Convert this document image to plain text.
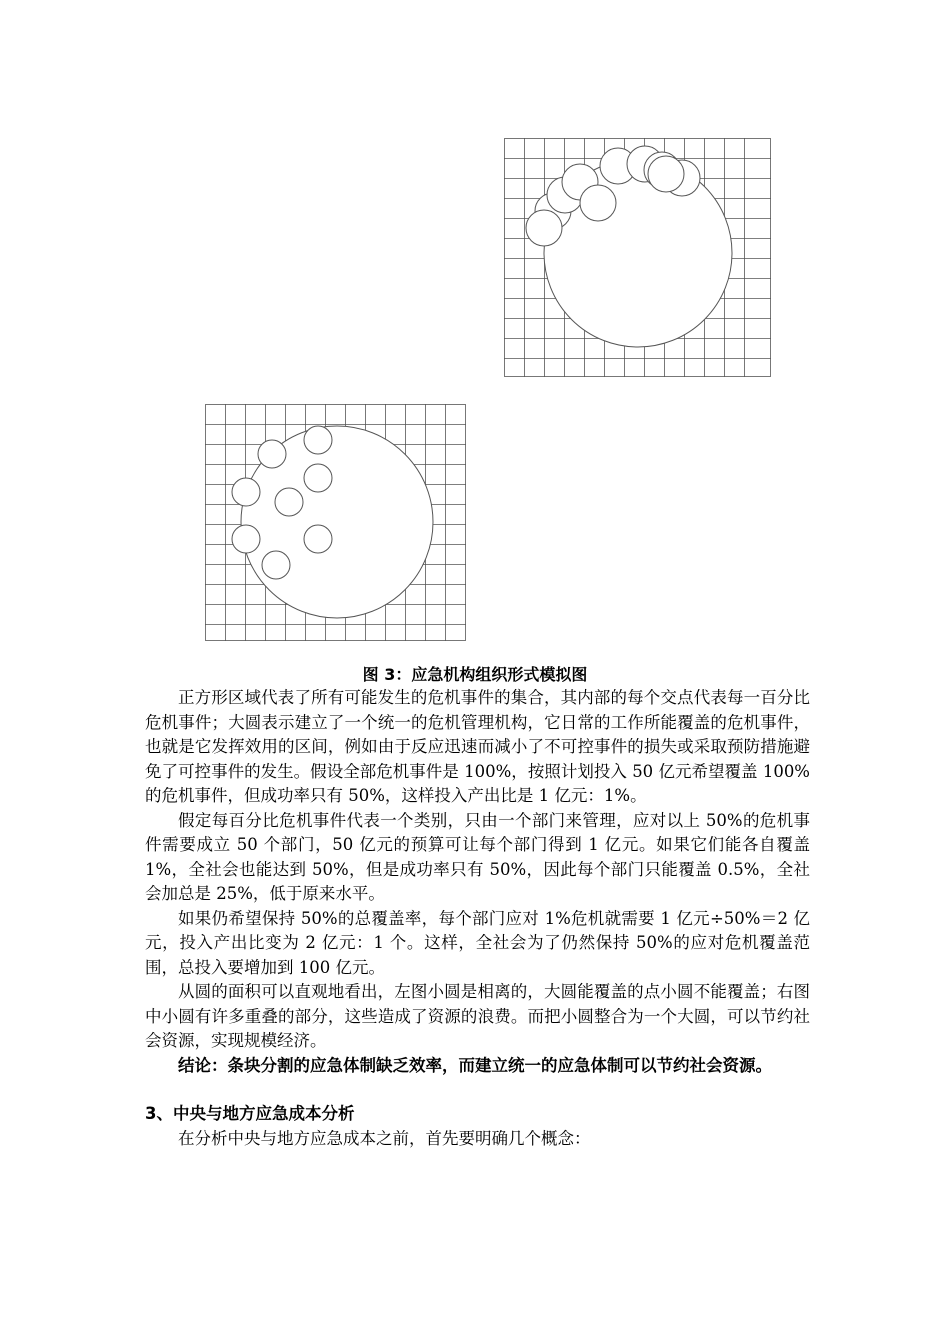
图 3：应急机构组织形式模拟图

正方形区域代表了所有可能发生的危机事件的集合，其内部的每个交点代表每一百分比危机事件；大圆表示建立了一个统一的危机管理机构，它日常的工作所能覆盖的危机事件，也就是它发挥效用的区间，例如由于反应迅速而减小了不可控事件的损失或采取预防措施避免了可控事件的发生。假设全部危机事件是 100%，按照计划投入 50 亿元希望覆盖 100%的危机事件，但成功率只有 50%，这样投入产出比是 1 亿元：1%。

假定每百分比危机事件代表一个类别，只由一个部门来管理，应对以上 50%的危机事件需要成立 50 个部门，50 亿元的预算可让每个部门得到 1 亿元。如果它们能各自覆盖 1%，全社会也能达到 50%，但是成功率只有 50%，因此每个部门只能覆盖 0.5%，全社会加总是 25%，低于原来水平。

如果仍希望保持 50%的总覆盖率，每个部门应对 1%危机就需要 1 亿元÷50%＝2 亿元，投入产出比变为 2 亿元：1 个。这样，全社会为了仍然保持 50%的应对危机覆盖范围，总投入要增加到 100 亿元。

从圆的面积可以直观地看出，左图小圆是相离的，大圆能覆盖的点小圆不能覆盖；右图中小圆有许多重叠的部分，这些造成了资源的浪费。而把小圆整合为一个大圆，可以节约社会资源，实现规模经济。

结论：条块分割的应急体制缺乏效率，而建立统一的应急体制可以节约社会资源。

3、中央与地方应急成本分析

在分析中央与地方应急成本之前，首先要明确几个概念：
